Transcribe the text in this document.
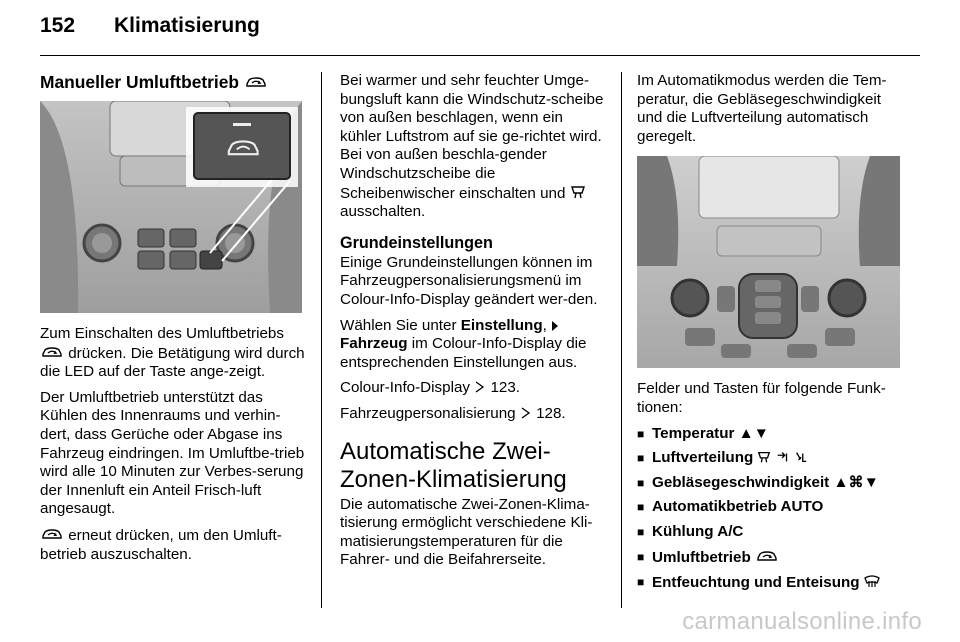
152 Klimatisierung
Manueller Umluftbetrieb

Zum Einschalten des Umluftbetriebs
drücken. Die Betätigung wird durch die LED auf der Taste ange-zeigt.

Der Umluftbetrieb unterstützt das Kühlen des Innenraums und verhin-dert, dass Gerüche oder Abgase ins Fahrzeug eindringen. Im Umluftbe-trieb wird alle 10 Minuten zur Verbes-serung der Innenluft ein Anteil Frisch-luft angesaugt.

erneut drücken, um den Umluft-betrieb auszuschalten.

Bei warmer und sehr feuchter Umge-bungsluft kann die Windschutz-scheibe von außen beschlagen, wenn ein kühler Luftstrom auf sie ge-richtet wird. Bei von außen beschla-gender Windschutzscheibe die Scheibenwischer einschalten und
ausschalten.

Grundeinstellungen

Einige Grundeinstellungen können im Fahrzeugpersonalisierungsmenü im Colour-Info-Display geändert wer-den.

Wählen Sie unter Einstellung,
Fahrzeug im Colour-Info-Display die entsprechenden Einstellungen aus.

Colour-Info-Display 123.

Fahrzeugpersonalisierung 128.

Automatische Zwei-Zonen-Klimatisierung

Die automatische Zwei-Zonen-Klima-tisierung ermöglicht verschiedene Kli-matisierungstemperaturen für die Fahrer- und die Beifahrerseite.

Im Automatikmodus werden die Tem-peratur, die Gebläsegeschwindigkeit und die Luftverteilung automatisch geregelt.

Felder und Tasten für folgende Funk-tionen:

■ Temperatur ▲▼
■ Luftverteilung
■ Gebläsegeschwindigkeit ▲⌘▼
■ Automatikbetrieb AUTO
■ Kühlung A/C
■ Umluftbetrieb
■ Entfeuchtung und Enteisung
carmanualsonline.info
